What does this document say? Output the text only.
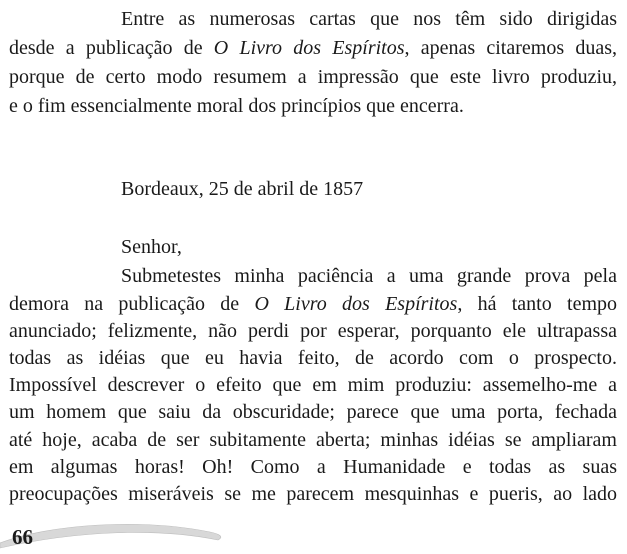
Entre as numerosas cartas que nos têm sido dirigidas
desde a publicação de O Livro dos Espíritos, apenas citaremos duas,
porque de certo modo resumem a impressão que este livro produziu,
e o fim essencialmente moral dos princípios que encerra.
Bordeaux, 25 de abril de 1857
Senhor,
Submetestes minha paciência a uma grande prova pela
demora na publicação de O Livro dos Espíritos, há tanto tempo
anunciado; felizmente, não perdi por esperar, porquanto ele ultrapassa
todas as idéias que eu havia feito, de acordo com o prospecto.
Impossível descrever o efeito que em mim produziu: assemelho-me a
um homem que saiu da obscuridade; parece que uma porta, fechada
até hoje, acaba de ser subitamente aberta; minhas idéias se ampliaram
em algumas horas! Oh! Como a Humanidade e todas as suas
preocupações miseráveis se me parecem mesquinhas e pueris, ao lado
66
